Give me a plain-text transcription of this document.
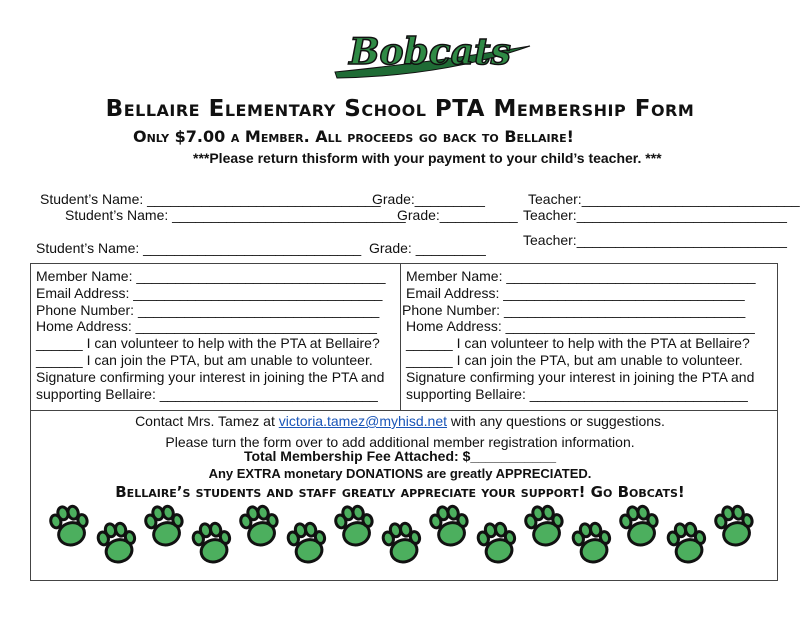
Bobcats
Bellaire Elementary School PTA Membership Form
Only $7.00 a Member. All proceeds go back to Bellaire!
***Please return thisform with your payment to your child’s teacher. ***
Student’s Name: ______________________________
Grade:_________	Teacher:____________________________
Student’s Name: ______________________________
Grade:__________ Teacher:___________________________
Student’s Name: ____________________________ Grade: _________	Teacher:___________________________
Member Name: ________________________________
Email Address: ________________________________
Phone Number: _______________________________
Home Address: _______________________________
______ I can volunteer to help with the PTA at Bellaire?
______ I can join the PTA, but am unable to volunteer.
Signature confirming your interest in joining the PTA and
supporting Bellaire: ____________________________
Member Name: ________________________________
Email Address: _______________________________
Phone Number: _______________________________
Home Address: ________________________________
______ I can volunteer to help with the PTA at Bellaire?
______ I can join the PTA, but am unable to volunteer.
Signature confirming your interest in joining the PTA and
supporting Bellaire: ____________________________
Contact Mrs. Tamez at victoria.tamez@myhisd.net with any questions or suggestions.
Please turn the form over to add additional member registration information.
Total Membership Fee Attached: $___________
Any EXTRA monetary DONATIONS are greatly APPRECIATED.
Bellaire’s students and staff greatly appreciate your support! Go Bobcats!
